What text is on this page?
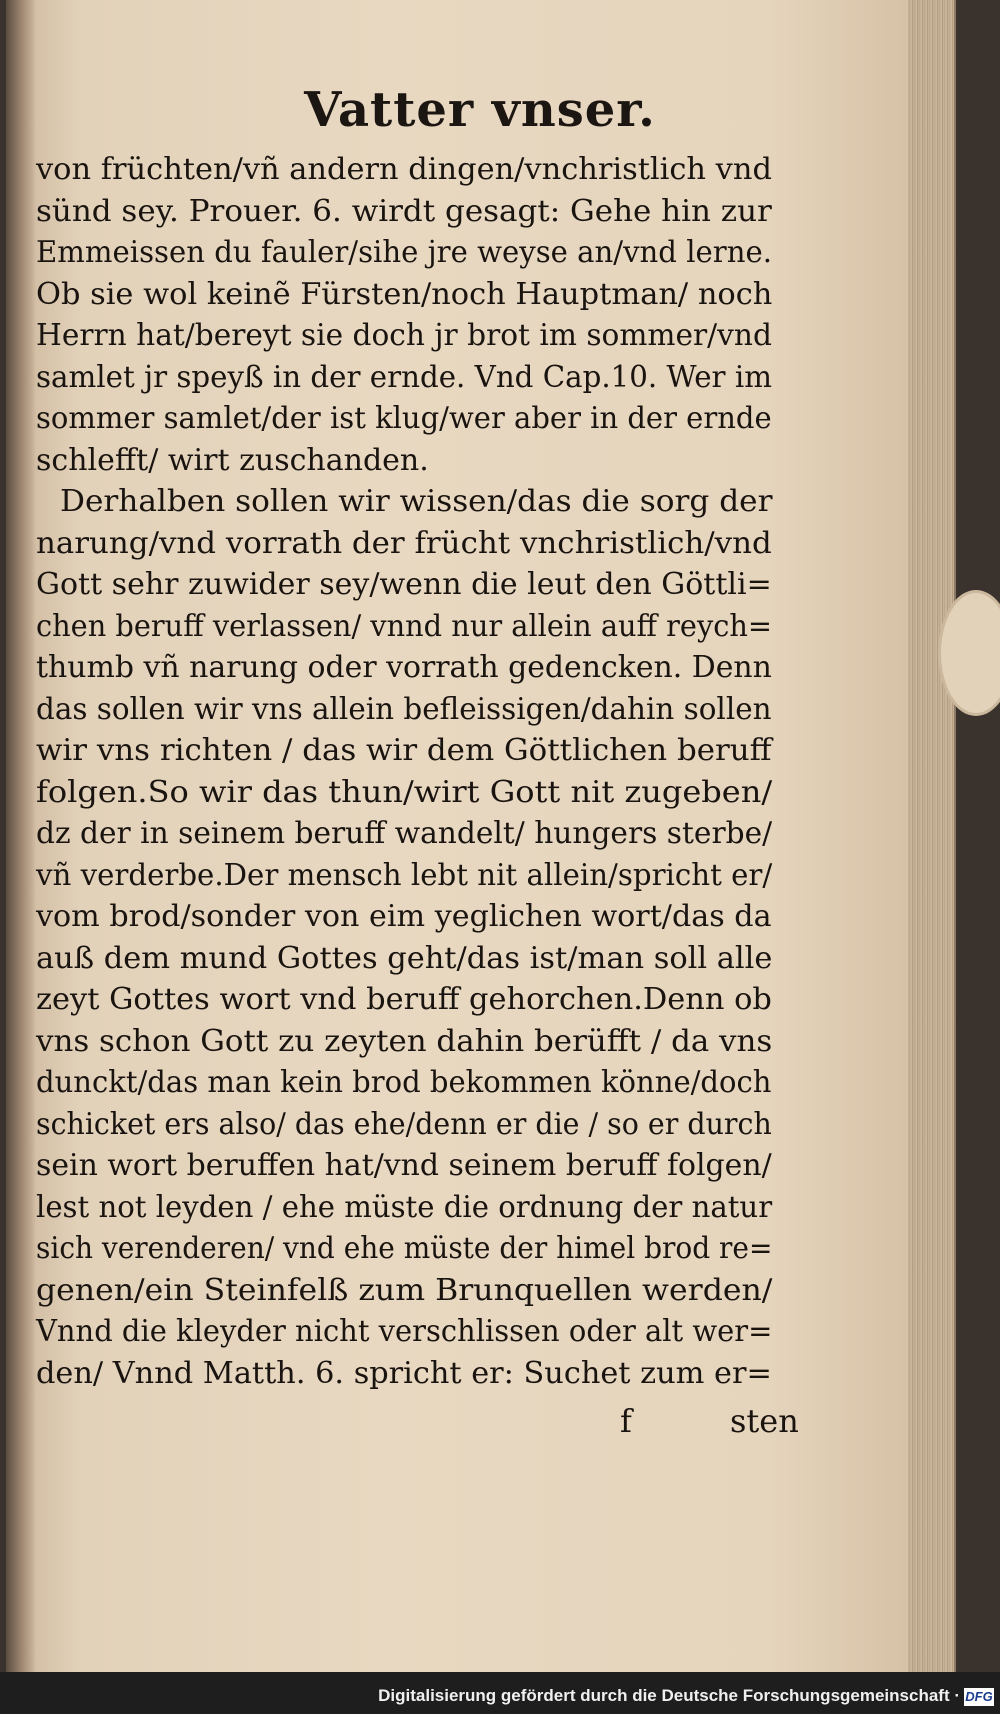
Vatter vnser.
von früchten/vñ andern dingen/vnchristlich vnd
sünd sey. Prouer. 6. wirdt gesagt: Gehe hin zur
Emmeissen du fauler/sihe jre weyse an/vnd lerne.
Ob sie wol keinẽ Fürsten/noch Hauptman/ noch
Herrn hat/bereyt sie doch jr brot im sommer/vnd
samlet jr speyß in der ernde. Vnd Cap.10. Wer im
sommer samlet/der ist klug/wer aber in der ernde
schlefft/ wirt zuschanden.
Derhalben sollen wir wissen/das die sorg der
narung/vnd vorrath der frücht vnchristlich/vnd
Gott sehr zuwider sey/wenn die leut den Göttli=
chen beruff verlassen/ vnnd nur allein auff reych=
thumb vñ narung oder vorrath gedencken. Denn
das sollen wir vns allein befleissigen/dahin sollen
wir vns richten / das wir dem Göttlichen beruff
folgen.So wir das thun/wirt Gott nit zugeben/
dz der in seinem beruff wandelt/ hungers sterbe/
vñ verderbe.Der mensch lebt nit allein/spricht er/
vom brod/sonder von eim yeglichen wort/das da
auß dem mund Gottes geht/das ist/man soll alle
zeyt Gottes wort vnd beruff gehorchen.Denn ob
vns schon Gott zu zeyten dahin berüfft / da vns
dunckt/das man kein brod bekommen könne/doch
schicket ers also/ das ehe/denn er die / so er durch
sein wort beruffen hat/vnd seinem beruff folgen/
lest not leyden / ehe müste die ordnung der natur
sich verenderen/ vnd ehe müste der himel brod re=
genen/ein Steinfelß zum Brunquellen werden/
Vnnd die kleyder nicht verschlissen oder alt wer=
den/ Vnnd Matth. 6. spricht er: Suchet zum er=
f	sten
Digitalisierung gefördert durch die Deutsche Forschungsgemeinschaft · DFG
